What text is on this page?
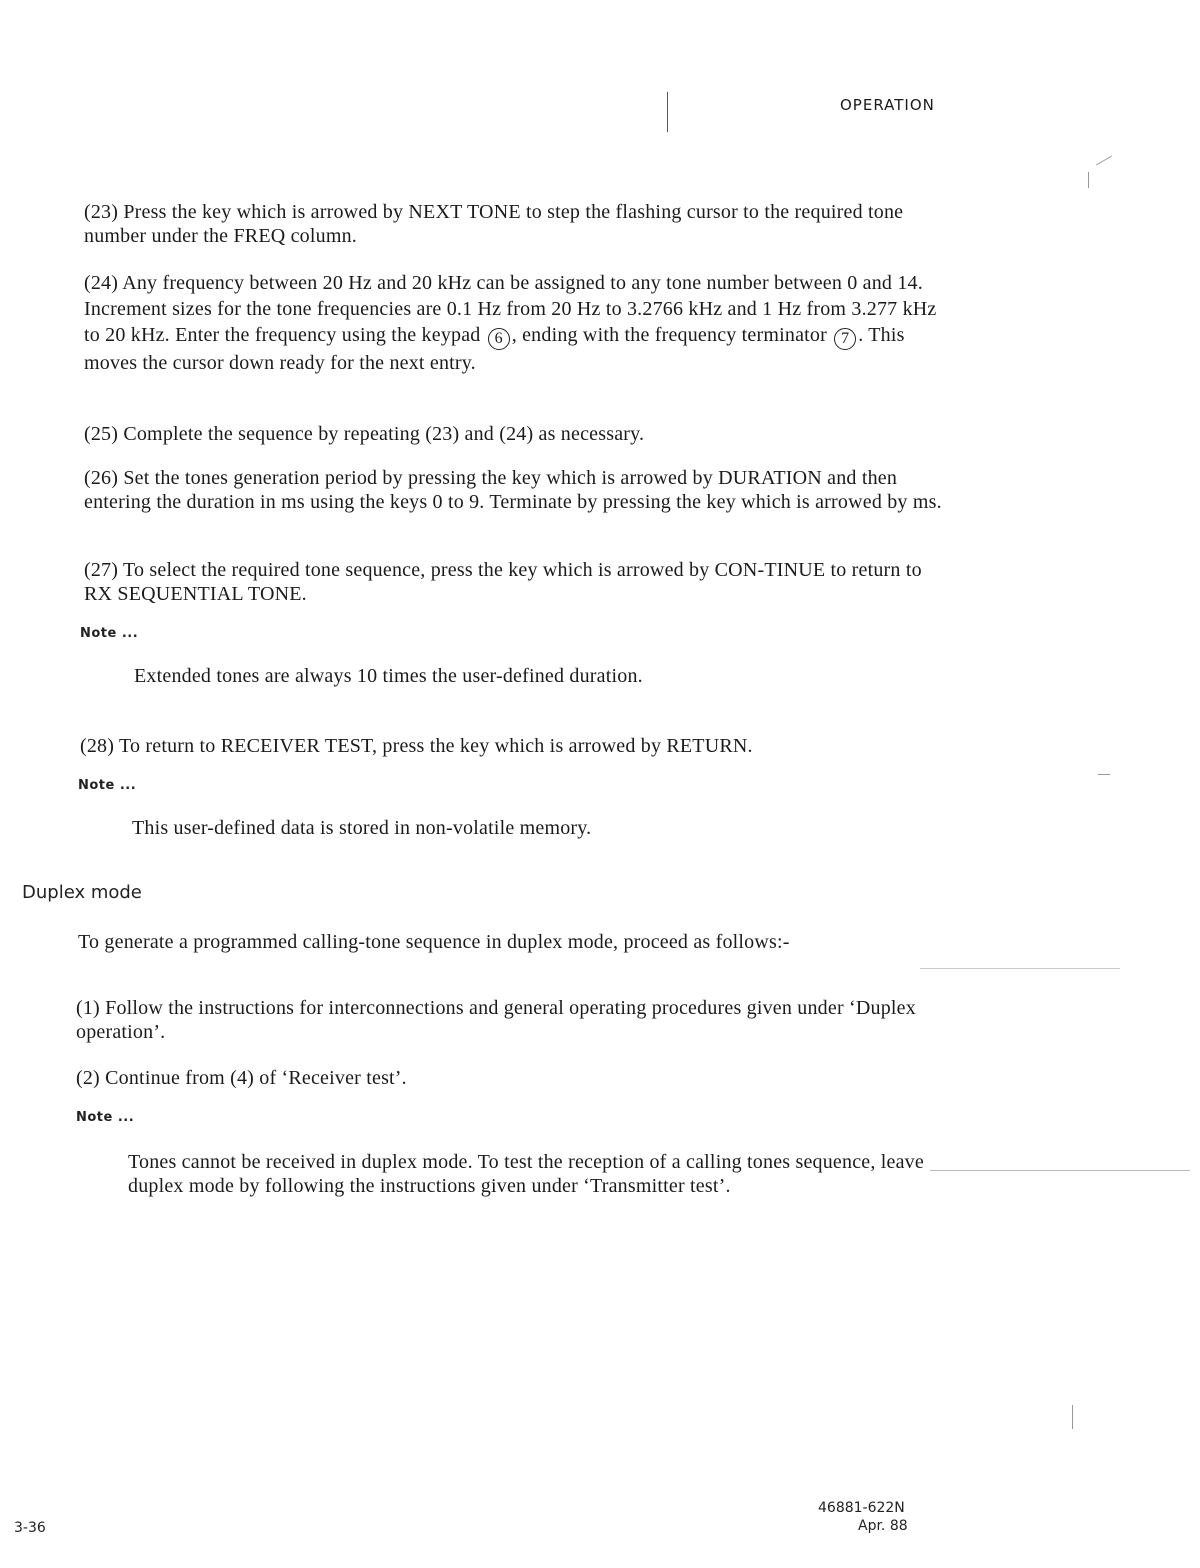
OPERATION

(23) Press the key which is arrowed by NEXT TONE to step the flashing cursor to the required tone number under the FREQ column.

(24) Any frequency between 20 Hz and 20 kHz can be assigned to any tone number between 0 and 14. Increment sizes for the tone frequencies are 0.1 Hz from 20 Hz to 3.2766 kHz and 1 Hz from 3.277 kHz to 20 kHz. Enter the frequency using the keypad 6 , ending with the frequency terminator 7 . This moves the cursor down ready for the next entry.

(25) Complete the sequence by repeating (23) and (24) as necessary.

(26) Set the tones generation period by pressing the key which is arrowed by DURATION and then entering the duration in ms using the keys 0 to 9. Terminate by pressing the key which is arrowed by ms.

(27) To select the required tone sequence, press the key which is arrowed by CON-TINUE to return to RX SEQUENTIAL TONE.

Note ...

Extended tones are always 10 times the user-defined duration.

(28) To return to RECEIVER TEST, press the key which is arrowed by RETURN.

Note ...

This user-defined data is stored in non-volatile memory.

Duplex mode

To generate a programmed calling-tone sequence in duplex mode, proceed as follows:-

(1) Follow the instructions for interconnections and general operating procedures given under ‘Duplex operation’.

(2) Continue from (4) of ‘Receiver test’.

Note ...

Tones cannot be received in duplex mode. To test the reception of a calling tones sequence, leave duplex mode by following the instructions given under ‘Transmitter test’.

3-36
46881-622N
Apr. 88
